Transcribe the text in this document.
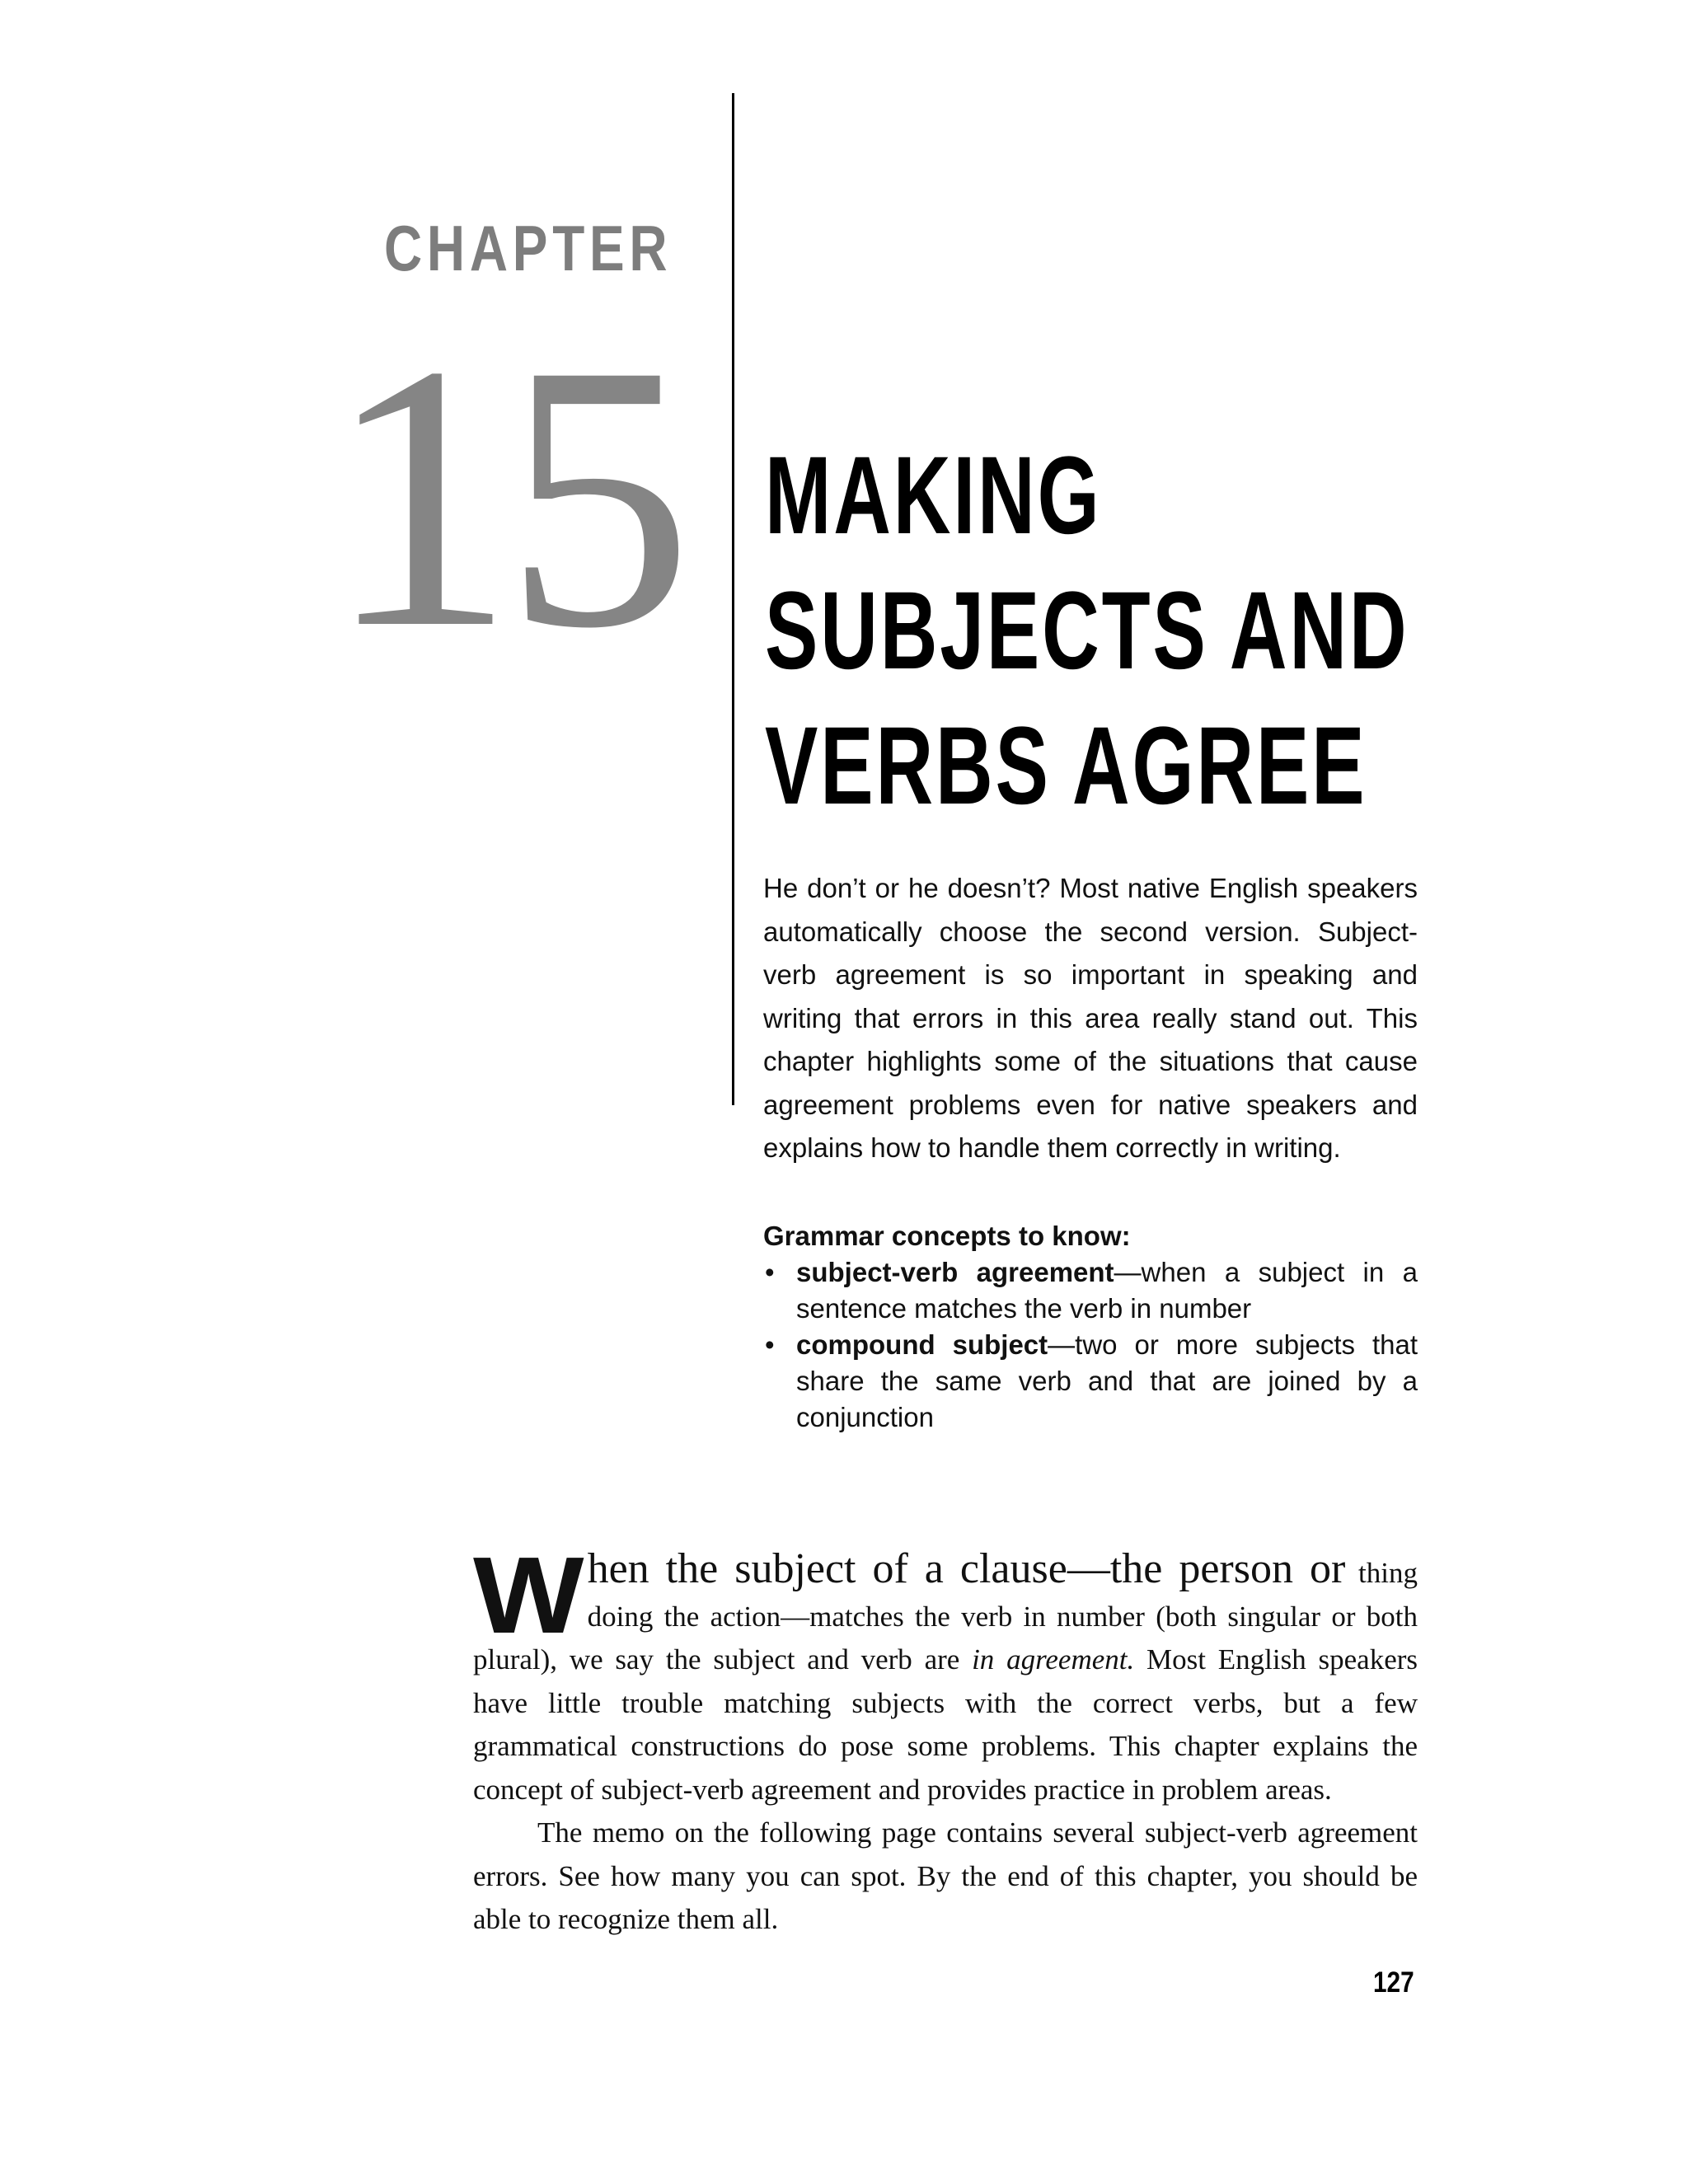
CHAPTER
15 MAKING
SUBJECTS AND
VERBS AGREE
He don’t or he doesn’t? Most native English speakers automatically choose the second version. Subject-verb agreement is so important in speaking and writing that errors in this area really stand out. This chapter highlights some of the situations that cause agreement problems even for native speakers and explains how to handle them correctly in writing.
Grammar concepts to know:
• subject-verb agreement—when a subject in a sentence matches the verb in number
• compound subject—two or more subjects that share the same verb and that are joined by a conjunction

When the subject of a clause—the person or thing doing the action—matches the verb in number (both singular or both plural), we say the subject and verb are in agreement. Most English speakers have little trouble matching subjects with the correct verbs, but a few grammatical constructions do pose some problems. This chapter explains the concept of subject-verb agreement and provides practice in problem areas.

The memo on the following page contains several subject-verb agreement errors. See how many you can spot. By the end of this chapter, you should be able to recognize them all.

127
